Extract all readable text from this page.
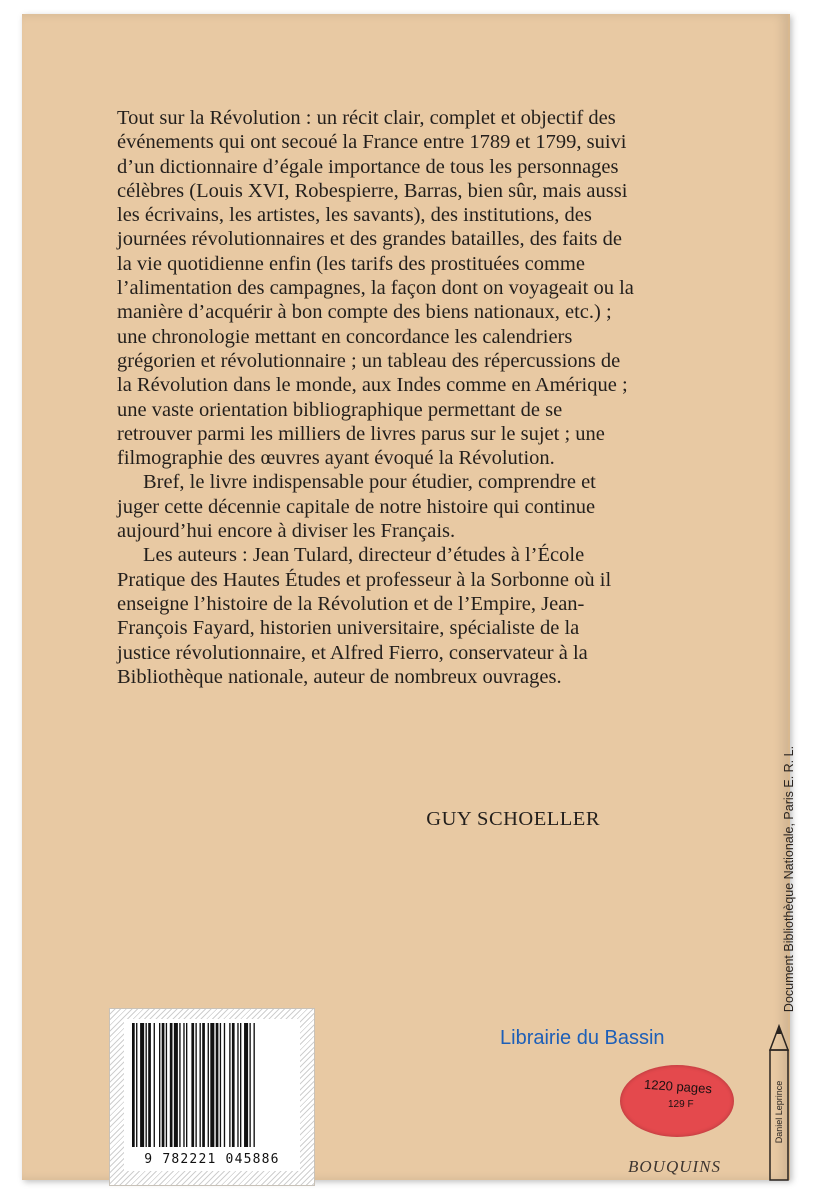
Tout sur la Révolution : un récit clair, complet et objectif des événements qui ont secoué la France entre 1789 et 1799, suivi d’un dictionnaire d’égale importance de tous les personnages célèbres (Louis XVI, Robespierre, Barras, bien sûr, mais aussi les écrivains, les artistes, les savants), des institutions, des journées révolutionnaires et des grandes batailles, des faits de la vie quotidienne enfin (les tarifs des prostituées comme l’alimentation des campagnes, la façon dont on voyageait ou la manière d’acquérir à bon compte des biens nationaux, etc.) ; une chronologie mettant en concordance les calendriers grégorien et révolutionnaire ; un tableau des répercussions de la Révolution dans le monde, aux Indes comme en Amérique ; une vaste orientation bibliographique permettant de se retrouver parmi les milliers de livres parus sur le sujet ; une filmographie des œuvres ayant évoqué la Révolution.

Bref, le livre indispensable pour étudier, comprendre et juger cette décennie capitale de notre histoire qui continue aujourd’hui encore à diviser les Français.

Les auteurs : Jean Tulard, directeur d’études à l’École Pratique des Hautes Études et professeur à la Sorbonne où il enseigne l’histoire de la Révolution et de l’Empire, Jean-François Fayard, historien universitaire, spécialiste de la justice révolutionnaire, et Alfred Fierro, conservateur à la Bibliothèque nationale, auteur de nombreux ouvrages.

GUY SCHOELLER	Document Bibliothèque Nationale, Paris E. R. L.
9 782221 045886
Librairie du Bassin
1220 pages
129 F
BOUQUINS
Daniel Leprince
